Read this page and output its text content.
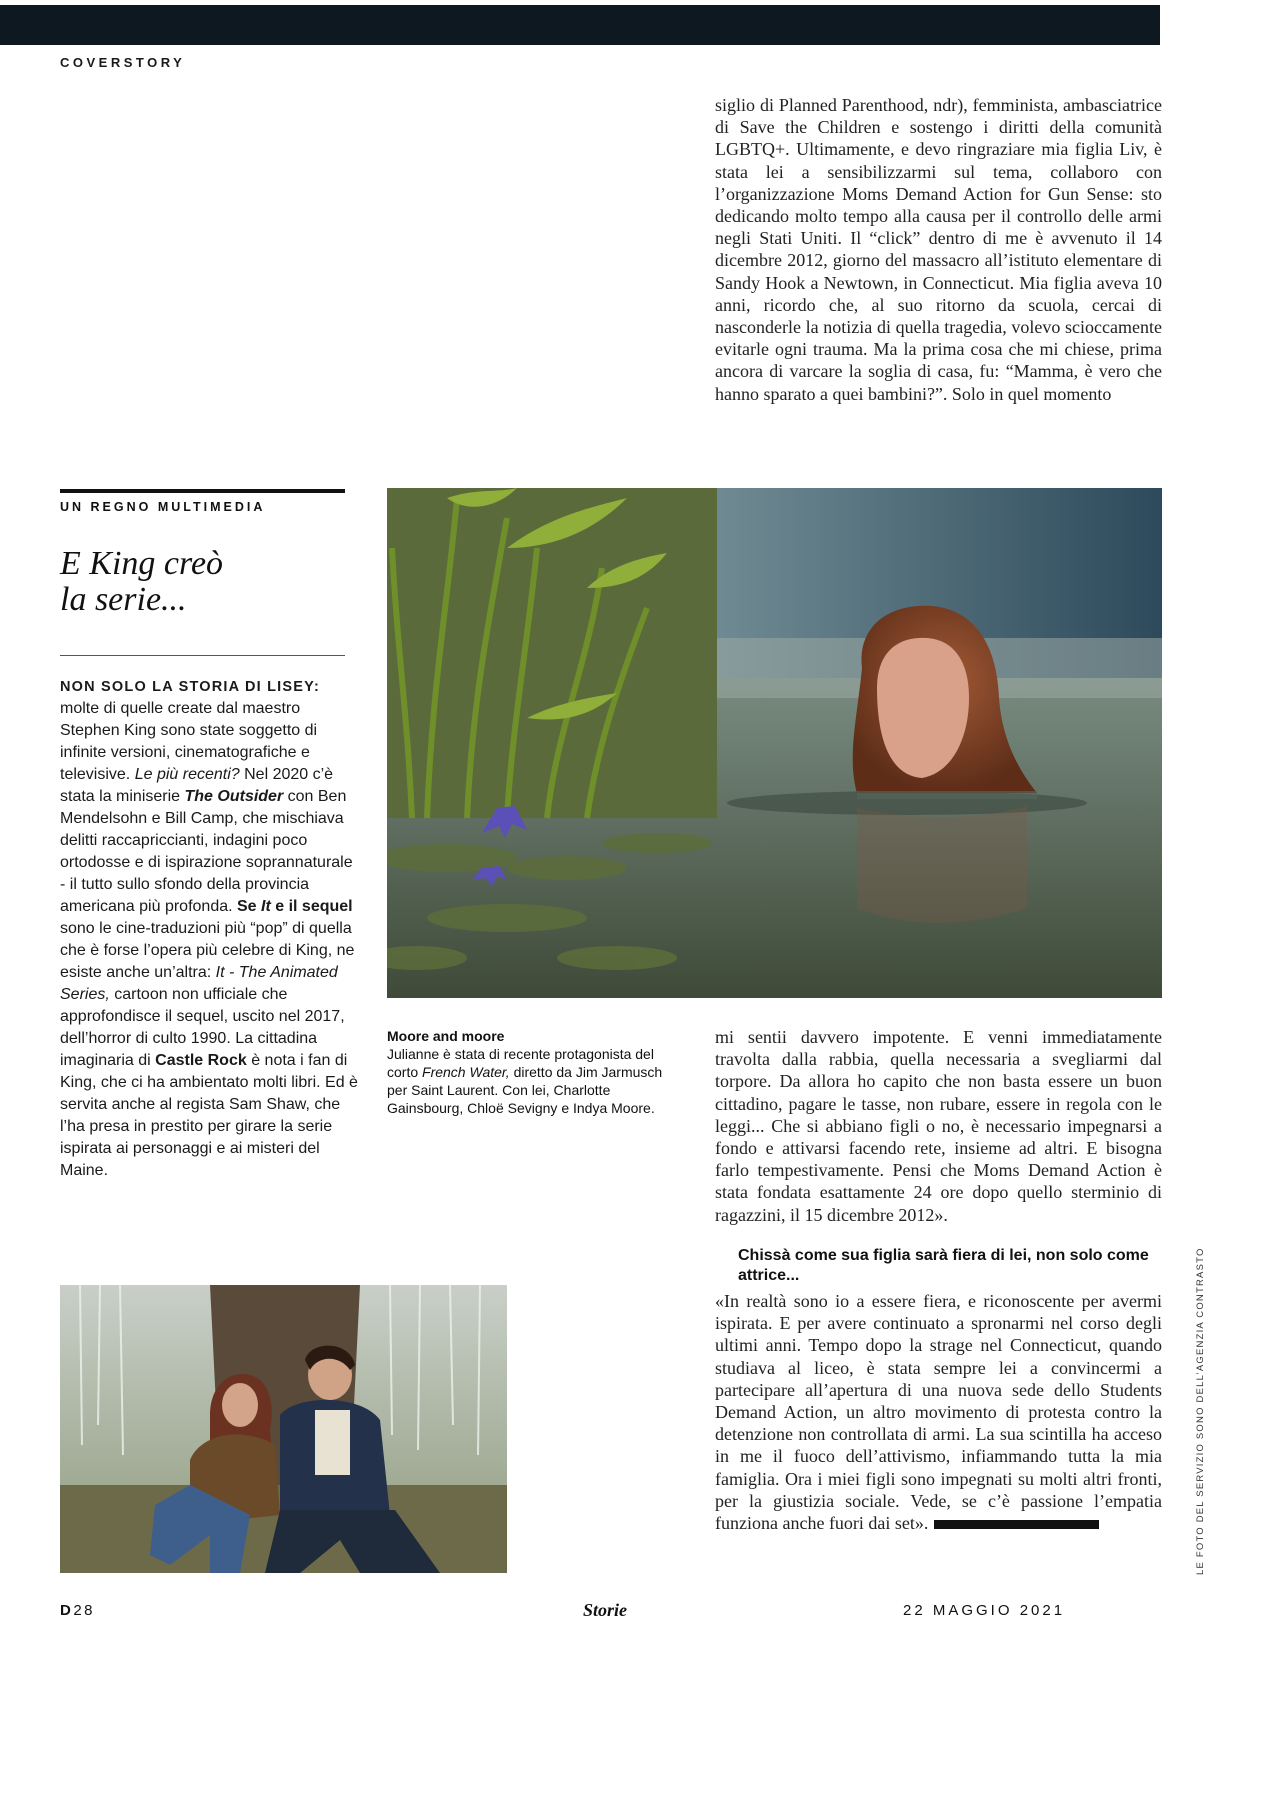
COVERSTORY

siglio di Planned Parenthood, ndr), femminista, ambasciatrice di Save the Children e sostengo i diritti della comunità LGBTQ+. Ultimamente, e devo ringraziare mia figlia Liv, è stata lei a sensibilizzarmi sul tema, collaboro con l’organizzazione Moms Demand Action for Gun Sense: sto dedicando molto tempo alla causa per il controllo delle armi negli Stati Uniti. Il “click” dentro di me è avvenuto il 14 dicembre 2012, giorno del massacro all’istituto elementare di Sandy Hook a Newtown, in Connecticut. Mia figlia aveva 10 anni, ricordo che, al suo ritorno da scuola, cercai di nasconderle la notizia di quella tragedia, volevo scioccamente evitarle ogni trauma. Ma la prima cosa che mi chiese, prima ancora di varcare la soglia di casa, fu: “Mamma, è vero che hanno sparato a quei bambini?”. Solo in quel momento

UN REGNO MULTIMEDIA
E King creò
la serie...

NON SOLO LA STORIA DI LISEY: molte di quelle create dal maestro Stephen King sono state soggetto di infinite versioni, cinematografiche e televisive. Le più recenti? Nel 2020 c’è stata la miniserie The Outsider con Ben Mendelsohn e Bill Camp, che mischiava delitti raccapriccianti, indagini poco ortodosse e di ispirazione soprannaturale - il tutto sullo sfondo della provincia americana più profonda. Se It e il sequel sono le cine-traduzioni più “pop” di quella che è forse l’opera più celebre di King, ne esiste anche un’altra: It - The Animated Series, cartoon non ufficiale che approfondisce il sequel, uscito nel 2017, dell’horror di culto 1990. La cittadina imaginaria di Castle Rock è nota i fan di King, che ci ha ambientato molti libri. Ed è servita anche al regista Sam Shaw, che l’ha presa in prestito per girare la serie ispirata ai personaggi e ai misteri del Maine.

Moore and moore
Julianne è stata di recente protagonista del corto French Water, diretto da Jim Jarmusch per Saint Laurent. Con lei, Charlotte Gainsbourg, Chloë Sevigny e Indya Moore.

mi sentii davvero impotente. E venni immediatamente travolta dalla rabbia, quella necessaria a svegliarmi dal torpore. Da allora ho capito che non basta essere un buon cittadino, pagare le tasse, non rubare, essere in regola con le leggi... Che si abbiano figli o no, è necessario impegnarsi a fondo e attivarsi facendo rete, insieme ad altri. E bisogna farlo tempestivamente. Pensi che Moms Demand Action è stata fondata esattamente 24 ore dopo quello sterminio di ragazzini, il 15 dicembre 2012».

Chissà come sua figlia sarà fiera di lei, non solo come attrice...

«In realtà sono io a essere fiera, e riconoscente per avermi ispirata. E per avere continuato a spronarmi nel corso degli ultimi anni. Tempo dopo la strage nel Connecticut, quando studiava al liceo, è stata sempre lei a convincermi a partecipare all’apertura di una nuova sede dello Students Demand Action, un altro movimento di protesta contro la detenzione non controllata di armi. La sua scintilla ha acceso in me il fuoco dell’attivismo, infiammando tutta la mia famiglia. Ora i miei figli sono impegnati su molti altri fronti, per la giustizia sociale. Vede, se c’è passione l’empatia funziona anche fuori dai set».

D28	Storie	22 MAGGIO 2021
LE FOTO DEL SERVIZIO SONO DELL’AGENZIA CONTRASTO
